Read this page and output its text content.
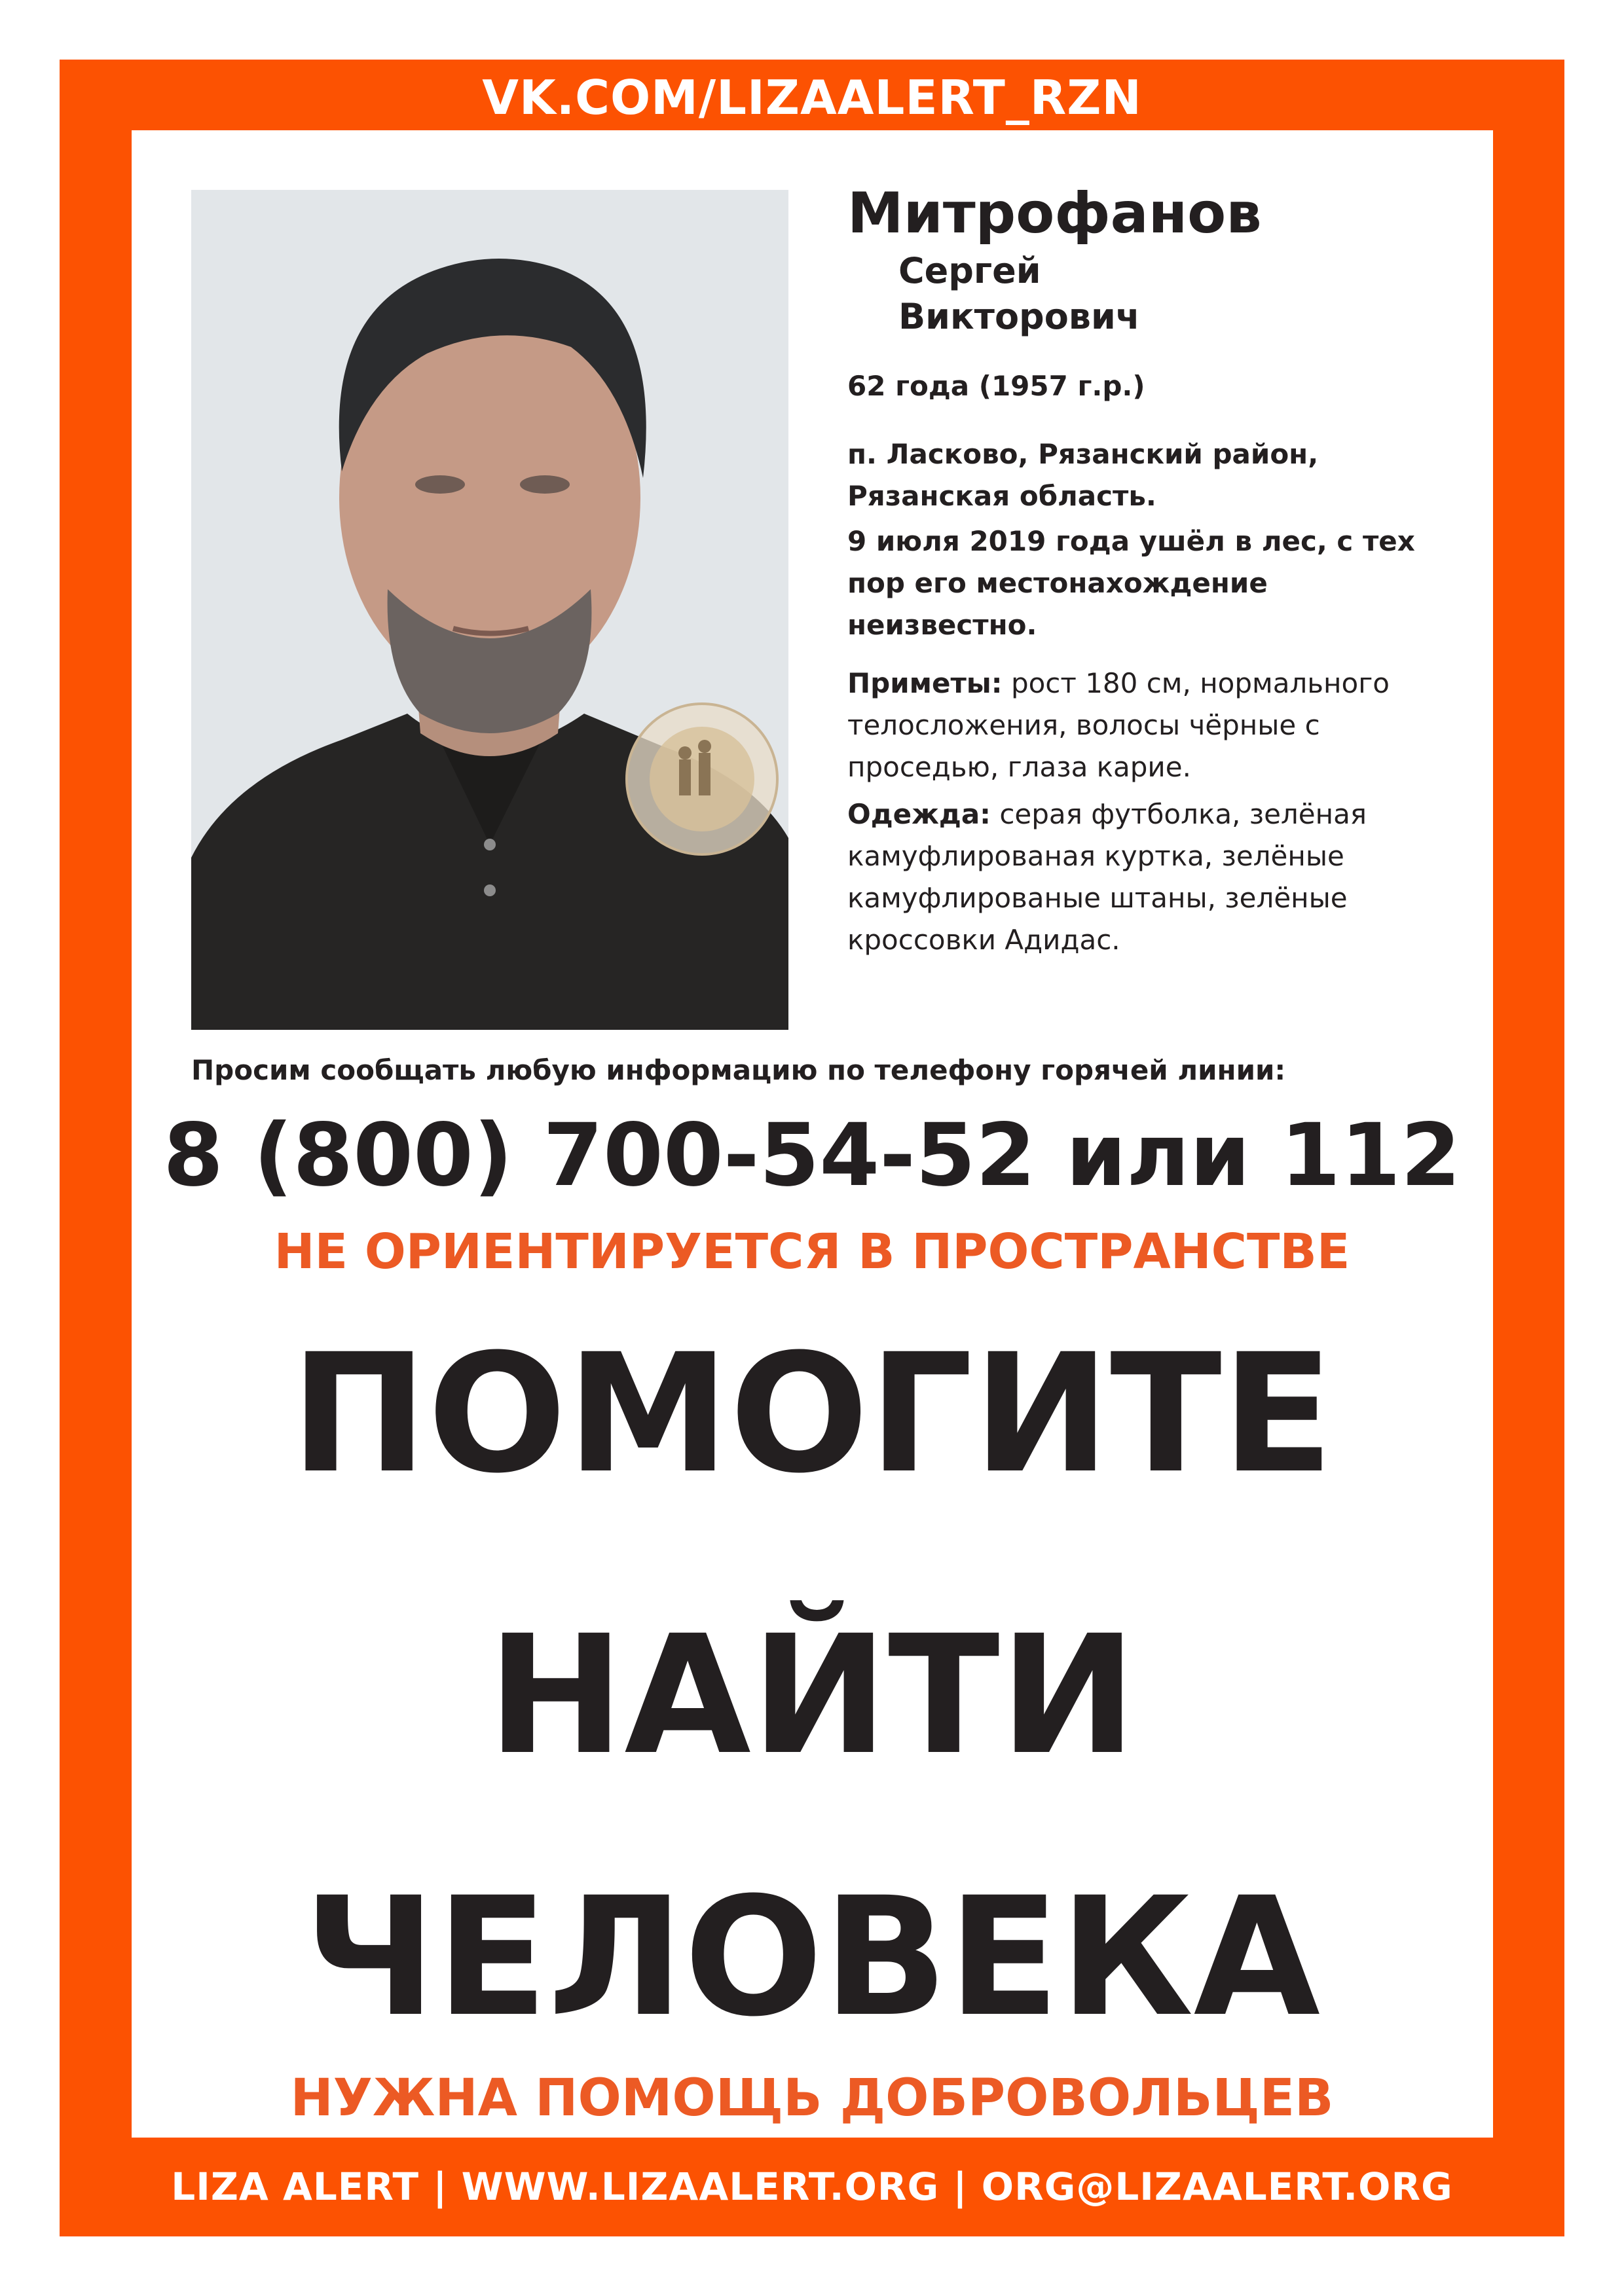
VK.COM/LIZAALERT_RZN
Митрофанов
Сергей
Викторович
62 года (1957 г.р.)
п. Ласково, Рязанский район, Рязанская область.
9 июля 2019 года ушёл в лес, с тех пор его местонахождение неизвестно.
Приметы: рост 180 см, нормального телосложения, волосы чёрные с проседью, глаза карие.
Одежда: серая футболка, зелёная камуфлированая куртка, зелёные камуфлированые штаны, зелёные кроссовки Адидас.
Просим сообщать любую информацию по телефону горячей линии:
8 (800) 700-54-52 или 112
НЕ ОРИЕНТИРУЕТСЯ В ПРОСТРАНСТВЕ
ПОМОГИТЕ
НАЙТИ
ЧЕЛОВЕКА
НУЖНА ПОМОЩЬ ДОБРОВОЛЬЦЕВ
LIZA ALERT | WWW.LIZAALERT.ORG | ORG@LIZAALERT.ORG
